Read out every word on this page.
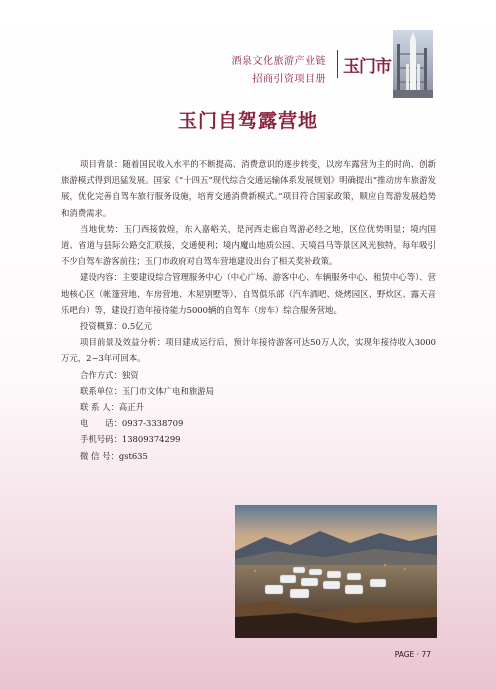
酒泉文化旅游产业链
招商引资项目册
玉门市
玉门自驾露营地

项目背景：随着国民收入水平的不断提高、消费意识的逐步转变，以房车露营为主的时尚、创新旅游模式得到迅猛发展。国家《“十四五”现代综合交通运输体系发展规划》明确提出“推动房车旅游发展，优化完善自驾车旅行服务设施，培育交通消费新模式。”项目符合国家政策，顺应自驾游发展趋势和消费需求。

当地优势：玉门西接敦煌，东入嘉峪关，是河西走廊自驾游必经之地，区位优势明显；境内国道、省道与县际公路交汇联接，交通便利；境内魔山地质公园、天境昌马等景区风光独特，每年吸引不少自驾车游客前往；玉门市政府对自驾车营地建设出台了相关奖补政策。

建设内容：主要建设综合管理服务中心（中心广场、游客中心、车辆服务中心、租赁中心等）、营地核心区（帐篷营地、车房营地、木屋别墅等）、自驾俱乐部（汽车酒吧、烧烤园区、野炊区、露天音乐吧台）等，建设打造年接待能力5000辆的自驾车（房车）综合服务营地。

投资概算：0.5亿元

项目前景及效益分析：项目建成运行后，预计年接待游客可达50万人次，实现年接待收入3000万元，2~3年可回本。

合作方式：独资
联系单位：玉门市文体广电和旅游局
联 系 人：高正升
电　　话：0937-3338709
手机号码：13809374299
微 信 号：gst635
PAGE · 77
